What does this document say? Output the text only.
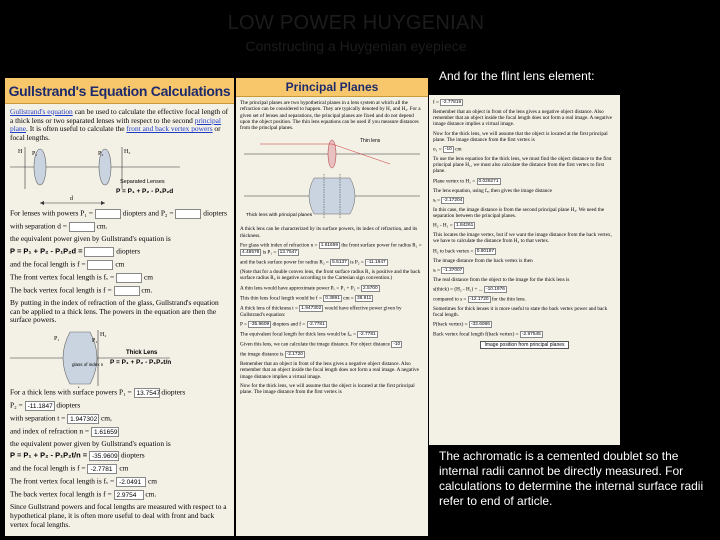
LOW POWER HUYGENIAN
Constructing a Huygenian eyepiece
Gullstrand's Equation Calculations

Gullstrand's equation can be used to calculate the effective focal length of a thick lens or two separated lenses with respect to the second principal plane. It is often useful to calculate the front and back vertex powers or focal lengths.

H P₁	P₂	H₂
Separated Lenses
P = P₁ + P₂ - P₁P₂d
d
For lenses with powers P₁ =	diopters and P₂ =	diopters
with separation d =	cm.
the equivalent power given by Gullstrand's equation is
P = P₁ + P₂ - P₁P₂d =	diopters
and the focal length is f =	cm
The front vertex focal length is fᵥ =	cm
The back vertex focal length is f =	cm.

By putting in the index of refraction of the glass, Gullstrand's equation can be applied to a thick lens. The powers in the equation are then the surface powers.

H₂
P₁	P₂
glass of index n
Thick Lens
P = P₁ + P₂ - P₁P₂t/n
For a thick lens with surface powers P₁ = 13.7547 diopters
P₂ = -11.1847 diopters
with separation t = 1.947302 cm,
and index of refraction n = 1.61659
the equivalent power given by Gullstrand's equation is
P = P₁ + P₂ - P₁P₂t/n = -35.9609 diopters
and the focal length is f = -2.7781 cm
The front vertex focal length is fᵥ = -2.0491 cm
The back vertex focal length is f = 2.9754 cm.

Since Gullstrand powers and focal lengths are measured with respect to a hypothetical plane, it is often more useful to deal with front and back vertex focal lengths.

Principal Planes

The principal planes are two hypothetical planes in a lens system at which all the refraction can be considered to happen. They are typically denoted by H₁ and H₂. For a given set of lenses and separations, the principal planes are fixed and do not depend upon the object position. The thin lens equations can be used if you measure distances from the principal planes.

Thin lens
Thick lens with principal planes

A thick lens can be characterized by its surface powers, its index of refraction, and its thickness.

For glass with index of refraction n = 1.61659 the front surface power for radius R₁ = 4.48578 is P₁ = 13.7547

and the back surface power for radius R₂ = 5.5137 is P₂ = -11.1847

(Note that for a double convex lens, the front surface radius R₁ is positive and the back surface radius R₂ is negative according to the Cartesian sign convention.)

A thin lens would have approximate power Pₒ = P₁ + P₂ = 2.5700

This thin lens focal length would be f = 0.3891 cm = 38.911

A thick lens of thickness t = 1.947302 would have effective power given by Gullstrand's equation:

P = -35.9609 diopters and f = -2.7781

The equivalent focal length for thick lens would be fₑₒ = -2.7781

Given this lens, we can calculate the image distance. For object distance -10

the image distance is -2.1720

Remember that an object in front of the lens gives a negative object distance. Also remember that an object inside the focal length does not form a real image. A negative image distance implies a virtual image.

Now for the thick lens, we will assume that the object is located at the first principal plane. The image distance from the first vertex is

And for the flint lens element:

f = -2.77819

Remember that an object in front of the lens gives a negative object distance. Also remember that an object inside the focal length does not form a real image. A negative image distance implies a virtual image.

Now for the thick lens, we will assume that the object is located at the first principal plane. The image distance from the first vertex is

o₁ = -10 cm

To use the lens equation for the thick lens, we must find the object distance to the first principal plane H₁, we must also calculate the distance from the first vertex to first plane.

Plane vertex to H₁ = 0.028271

The lens equation, using fₑₒ then gives the image distance

sᵢ = -2.17204

In this case, the image distance is from the second principal plane H₂. We need the separation between the principal planes.

H₂ - H₁ = 1.84261

This locates the image vertex, but if we want the image distance from the back vertex, we have to calculate the distance from H₂ to that vertex.

H₂ to back vertex = 0.80197

The image distance from the back vertex is then

sᵢ = -1.37007

The real distance from the object to the image for the thick lens is

s(thick) = (H₂ - H₁) + ... -10.1976

compared to s = -12.1720 for the thin lens.

Sometimes for thick lenses it is more useful to state the back vertex power and back focal length.

P(back vertex) = -33.6086

Back vertex focal length f(back vertex) = -2.97545

Image position from principal planes

The achromatic is a cemented doublet so the internal radii cannot be directly measured. For calculations to determine the internal surface radii refer to end of article.
